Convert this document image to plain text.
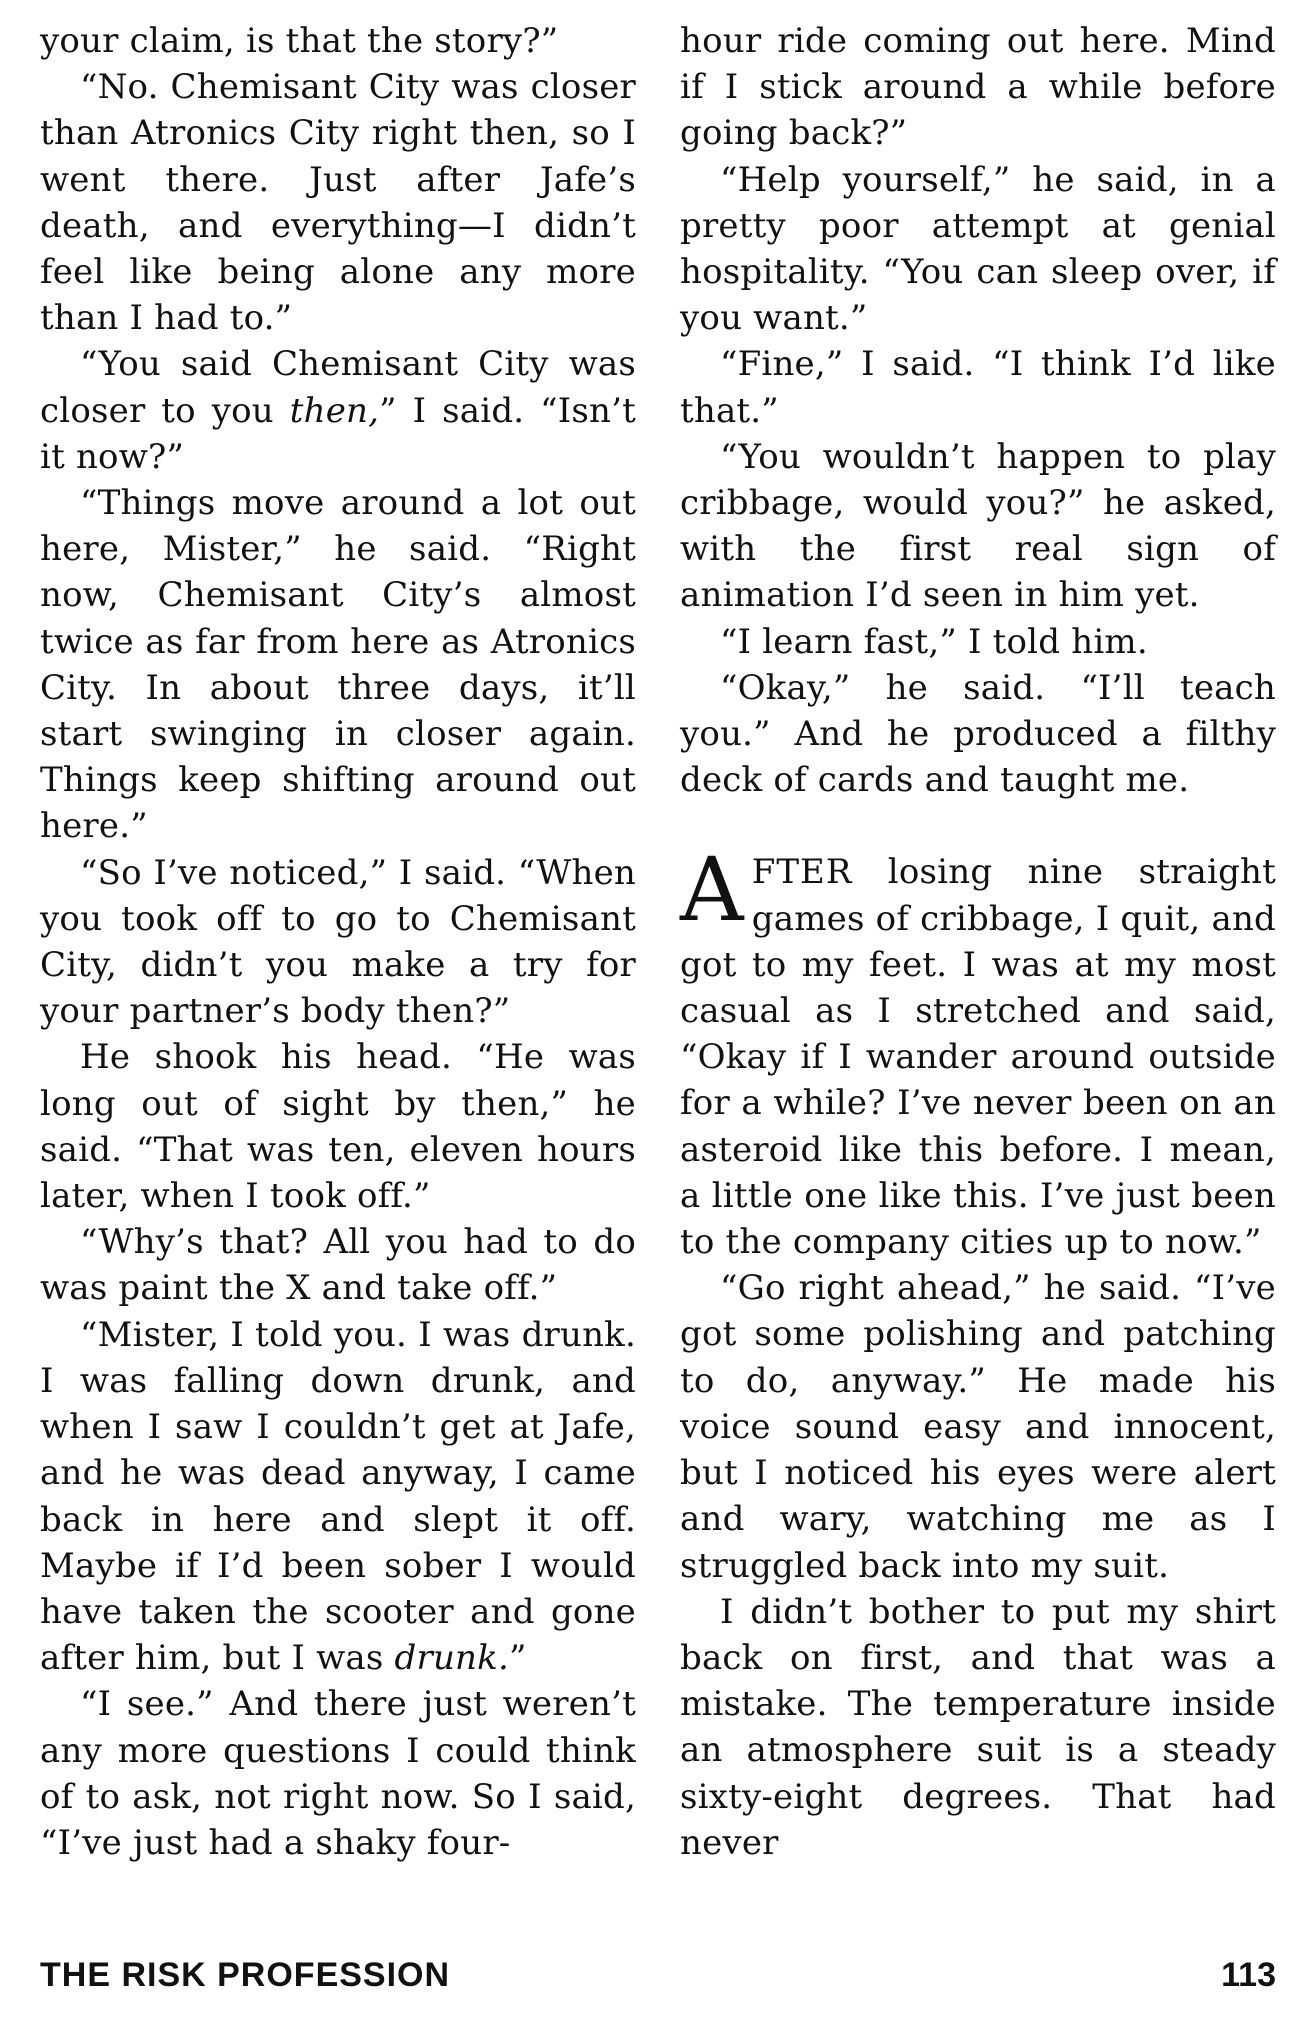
your claim, is that the story?”

“No. Chemisant City was closer than Atronics City right then, so I went there. Just after Jafe’s death, and everything—I didn’t feel like being alone any more than I had to.”

“You said Chemisant City was closer to you then,” I said. “Isn’t it now?”

“Things move around a lot out here, Mister,” he said. “Right now, Chemisant City’s almost twice as far from here as Atronics City. In about three days, it’ll start swinging in closer again. Things keep shifting around out here.”

“So I’ve noticed,” I said. “When you took off to go to Chemisant City, didn’t you make a try for your partner’s body then?”

He shook his head. “He was long out of sight by then,” he said. “That was ten, eleven hours later, when I took off.”

“Why’s that? All you had to do was paint the X and take off.”

“Mister, I told you. I was drunk. I was falling down drunk, and when I saw I couldn’t get at Jafe, and he was dead anyway, I came back in here and slept it off. Maybe if I’d been sober I would have taken the scooter and gone after him, but I was drunk.”

“I see.” And there just weren’t any more questions I could think of to ask, not right now. So I said, “I’ve just had a shaky four-

hour ride coming out here. Mind if I stick around a while before going back?”

“Help yourself,” he said, in a pretty poor attempt at genial hospitality. “You can sleep over, if you want.”

“Fine,” I said. “I think I’d like that.”

“You wouldn’t happen to play cribbage, would you?” he asked, with the first real sign of animation I’d seen in him yet.

“I learn fast,” I told him.

“Okay,” he said. “I’ll teach you.” And he produced a filthy deck of cards and taught me.

AFTER losing nine straight games of cribbage, I quit, and got to my feet. I was at my most casual as I stretched and said, “Okay if I wander around outside for a while? I’ve never been on an asteroid like this before. I mean, a little one like this. I’ve just been to the company cities up to now.”

“Go right ahead,” he said. “I’ve got some polishing and patching to do, anyway.” He made his voice sound easy and innocent, but I noticed his eyes were alert and wary, watching me as I struggled back into my suit.

I didn’t bother to put my shirt back on first, and that was a mistake. The temperature inside an atmosphere suit is a steady sixty-eight degrees. That had never

THE RISK PROFESSION	113
